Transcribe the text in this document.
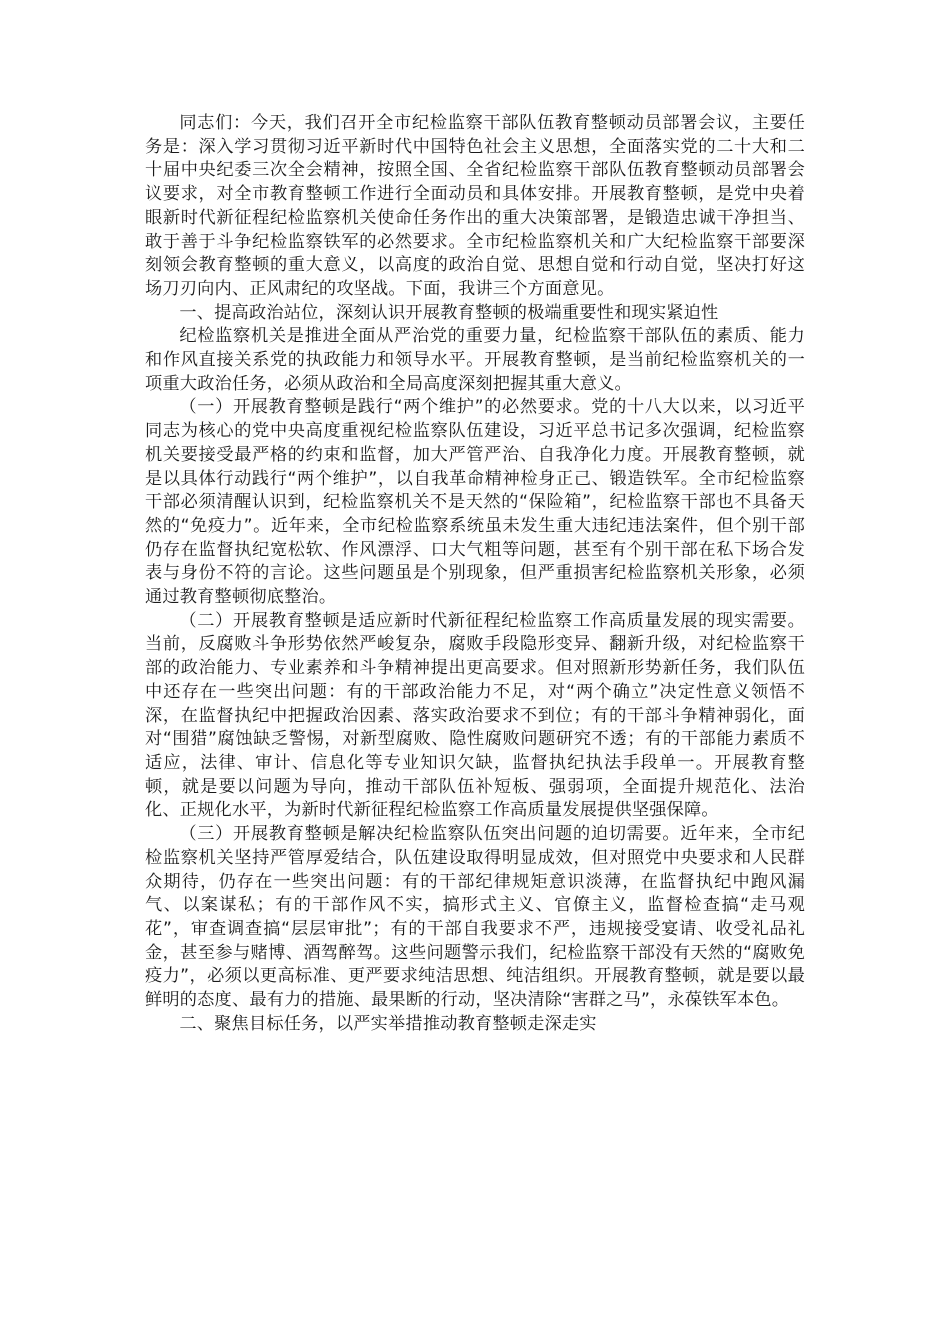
同志们：今天，我们召开全市纪检监察干部队伍教育整顿动员部署会议，主要任务是：深入学习贯彻习近平新时代中国特色社会主义思想，全面落实党的二十大和二十届中央纪委三次全会精神，按照全国、全省纪检监察干部队伍教育整顿动员部署会议要求，对全市教育整顿工作进行全面动员和具体安排。开展教育整顿，是党中央着眼新时代新征程纪检监察机关使命任务作出的重大决策部署，是锻造忠诚干净担当、敢于善于斗争纪检监察铁军的必然要求。全市纪检监察机关和广大纪检监察干部要深刻领会教育整顿的重大意义，以高度的政治自觉、思想自觉和行动自觉，坚决打好这场刀刃向内、正风肃纪的攻坚战。下面，我讲三个方面意见。

一、提高政治站位，深刻认识开展教育整顿的极端重要性和现实紧迫性

纪检监察机关是推进全面从严治党的重要力量，纪检监察干部队伍的素质、能力和作风直接关系党的执政能力和领导水平。开展教育整顿，是当前纪检监察机关的一项重大政治任务，必须从政治和全局高度深刻把握其重大意义。

（一）开展教育整顿是践行“两个维护”的必然要求。党的十八大以来，以习近平同志为核心的党中央高度重视纪检监察队伍建设，习近平总书记多次强调，纪检监察机关要接受最严格的约束和监督，加大严管严治、自我净化力度。开展教育整顿，就是以具体行动践行“两个维护”，以自我革命精神检身正己、锻造铁军。全市纪检监察干部必须清醒认识到，纪检监察机关不是天然的“保险箱”，纪检监察干部也不具备天然的“免疫力”。近年来，全市纪检监察系统虽未发生重大违纪违法案件，但个别干部仍存在监督执纪宽松软、作风漂浮、口大气粗等问题，甚至有个别干部在私下场合发表与身份不符的言论。这些问题虽是个别现象，但严重损害纪检监察机关形象，必须通过教育整顿彻底整治。

（二）开展教育整顿是适应新时代新征程纪检监察工作高质量发展的现实需要。当前，反腐败斗争形势依然严峻复杂，腐败手段隐形变异、翻新升级，对纪检监察干部的政治能力、专业素养和斗争精神提出更高要求。但对照新形势新任务，我们队伍中还存在一些突出问题：有的干部政治能力不足，对“两个确立”决定性意义领悟不深，在监督执纪中把握政治因素、落实政治要求不到位；有的干部斗争精神弱化，面对“围猎”腐蚀缺乏警惕，对新型腐败、隐性腐败问题研究不透；有的干部能力素质不适应，法律、审计、信息化等专业知识欠缺，监督执纪执法手段单一。开展教育整顿，就是要以问题为导向，推动干部队伍补短板、强弱项，全面提升规范化、法治化、正规化水平，为新时代新征程纪检监察工作高质量发展提供坚强保障。

（三）开展教育整顿是解决纪检监察队伍突出问题的迫切需要。近年来，全市纪检监察机关坚持严管厚爱结合，队伍建设取得明显成效，但对照党中央要求和人民群众期待，仍存在一些突出问题：有的干部纪律规矩意识淡薄，在监督执纪中跑风漏气、以案谋私；有的干部作风不实，搞形式主义、官僚主义，监督检查搞“走马观花”，审查调查搞“层层审批”；有的干部自我要求不严，违规接受宴请、收受礼品礼金，甚至参与赌博、酒驾醉驾。这些问题警示我们，纪检监察干部没有天然的“腐败免疫力”，必须以更高标准、更严要求纯洁思想、纯洁组织。开展教育整顿，就是要以最鲜明的态度、最有力的措施、最果断的行动，坚决清除“害群之马”，永葆铁军本色。

二、聚焦目标任务，以严实举措推动教育整顿走深走实
